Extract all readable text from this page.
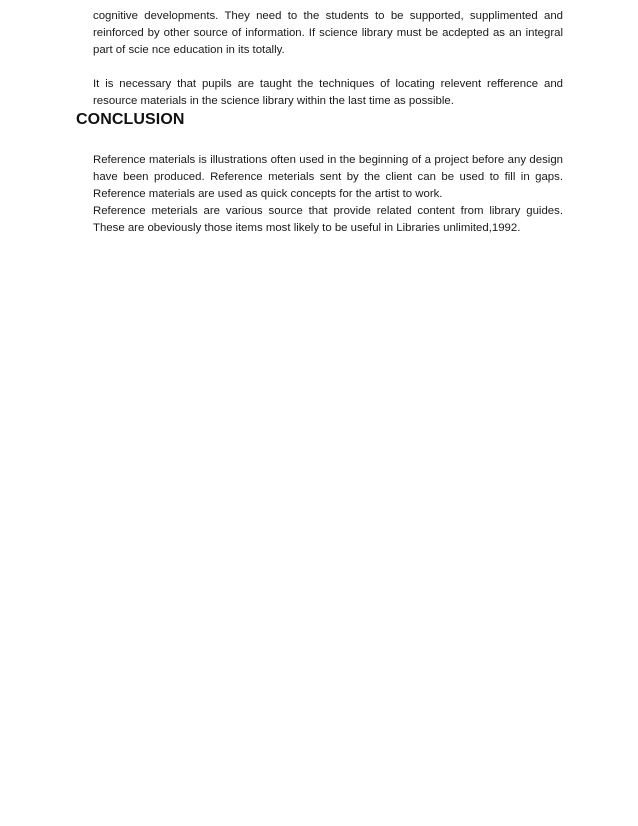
cognitive developments. They need to the students to be supported, supplimented and reinforced by other source of information. If science library must be acdepted as an integral part of scie nce education in its totally.

It is necessary that pupils are taught the techniques of locating relevent refference and resource materials in the science library within the last time as possible.

CONCLUSION

Reference materials is illustrations often used in the beginning of a project before any design have been produced. Reference meterials sent by the client can be used to fill in gaps. Reference materials are used as quick concepts for the artist to work.

Reference meterials are various source that provide related content from library guides. These are obeviously those items most likely to be useful in Libraries unlimited,1992.
